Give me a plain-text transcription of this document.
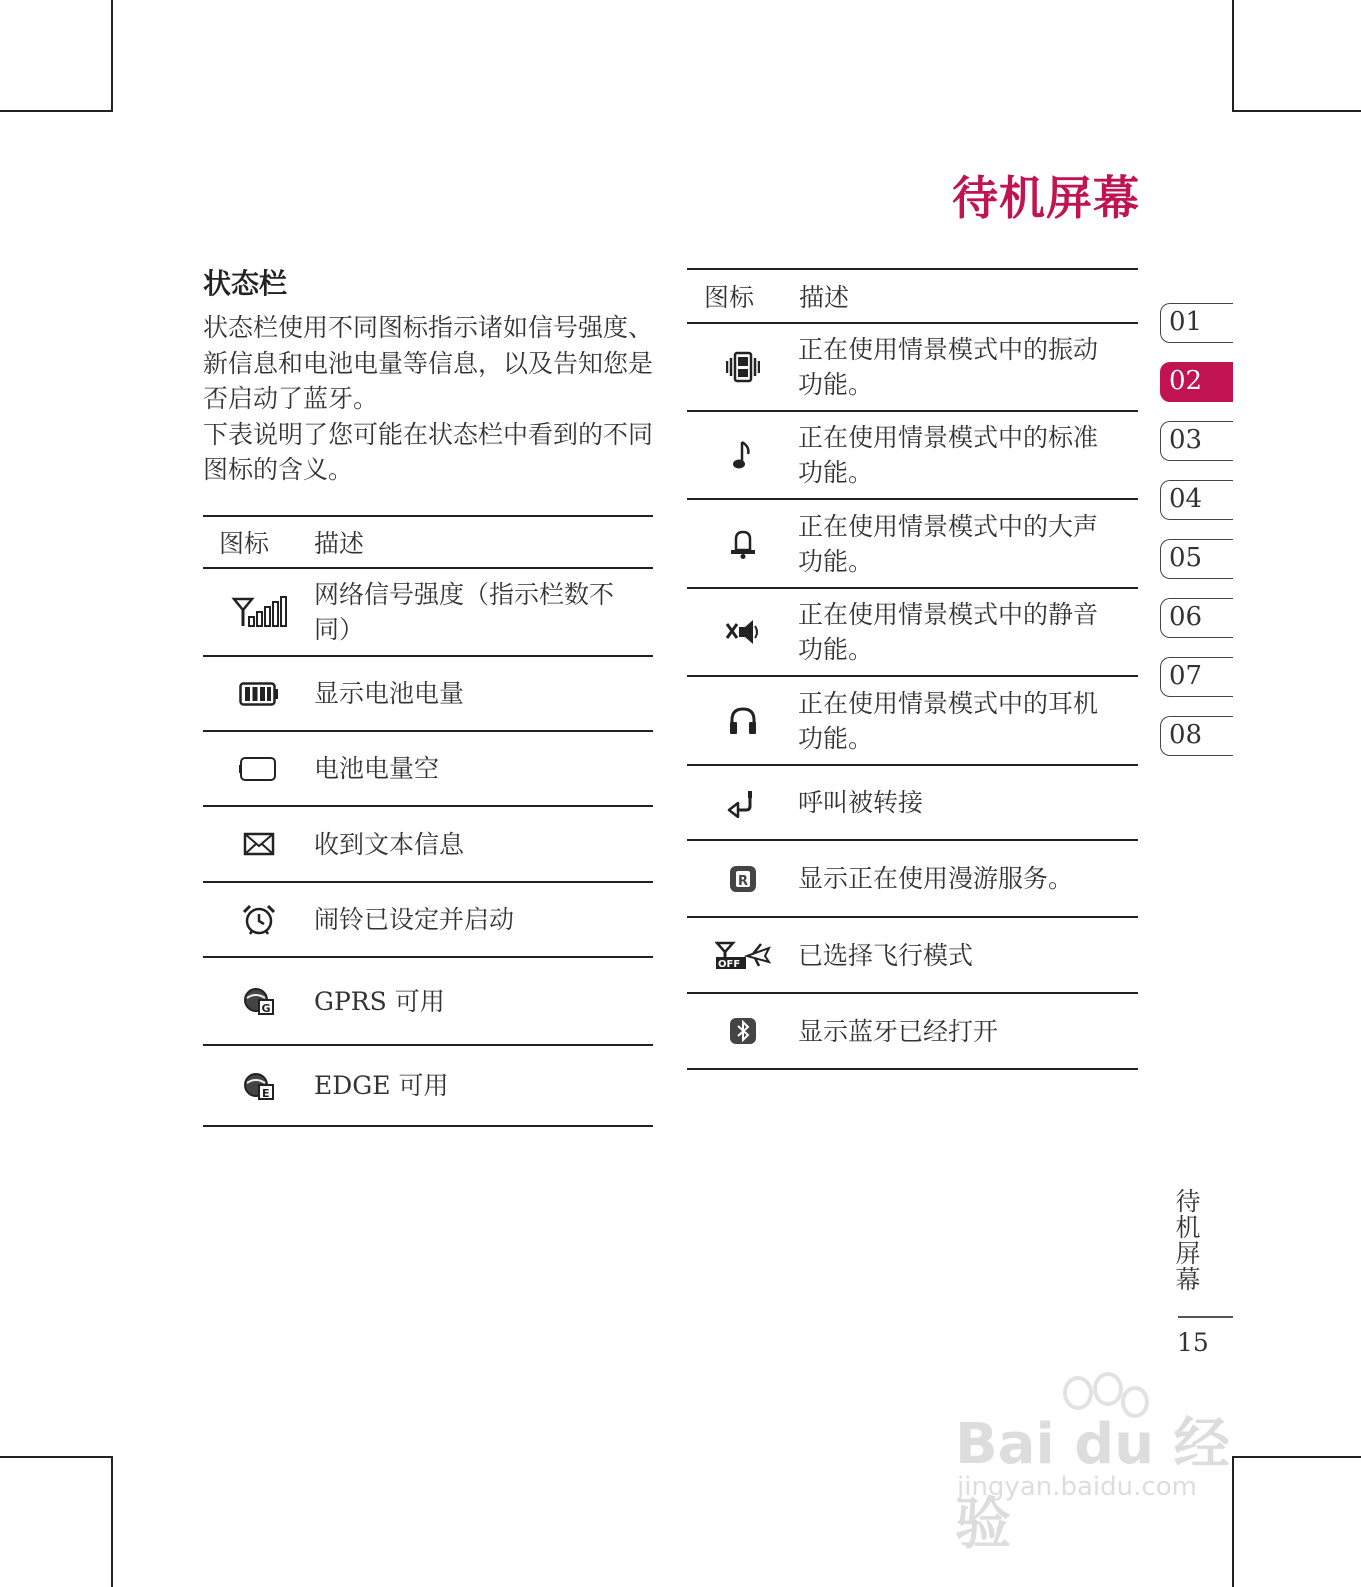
待机屏幕
状态栏

状态栏使用不同图标指示诸如信号强度、新信息和电池电量等信息，以及告知您是否启动了蓝牙。

下表说明了您可能在状态栏中看到的不同图标的含义。

图标	描述
网络信号强度（指示栏数不同）
显示电池电量
电池电量空
收到文本信息
闹铃已设定并启动
G GPRS 可用
E EDGE 可用
图标	描述
正在使用情景模式中的振动功能。
正在使用情景模式中的标准功能。
正在使用情景模式中的大声功能。
正在使用情景模式中的静音功能。
正在使用情景模式中的耳机功能。
呼叫被转接
R 显示正在使用漫游服务。
OFF 已选择飞行模式
显示蓝牙已经打开
01
02
03
04
05
06
07
08
待机屏幕
15
Bai du 经验
jingyan.baidu.com
